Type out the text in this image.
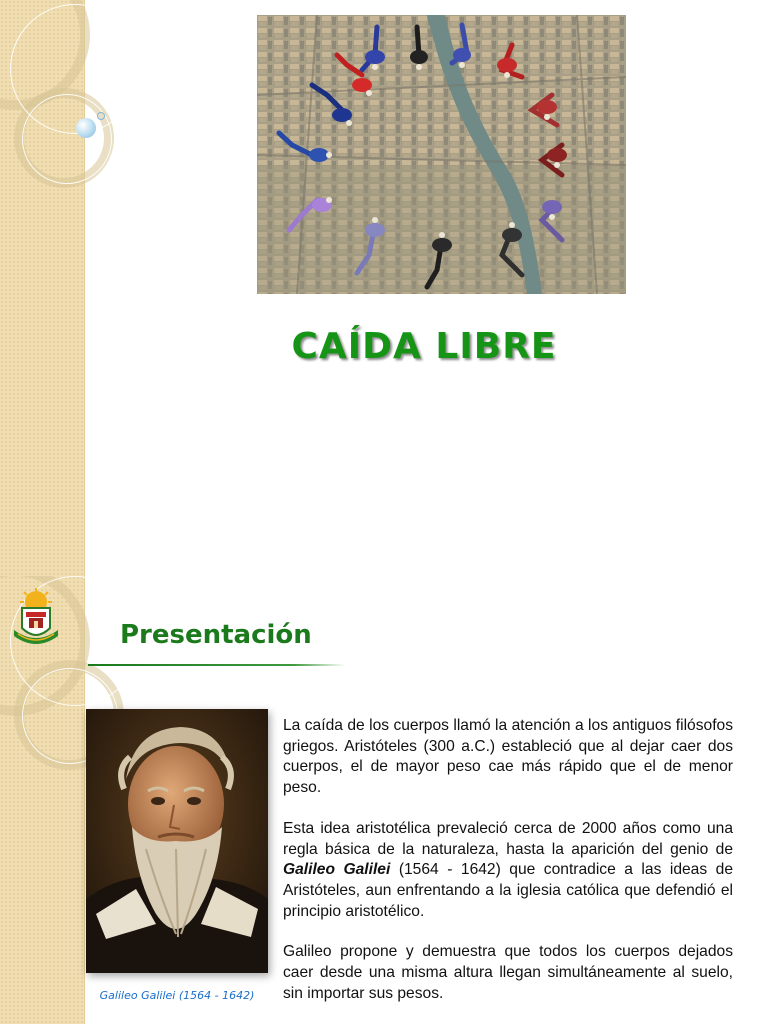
CAÍDA LIBRE
Presentación
Galileo Galilei (1564 - 1642)

La caída de los cuerpos llamó la atención a los antiguos filósofos griegos. Aristóteles (300 a.C.) estableció que al dejar caer dos cuerpos, el de mayor peso cae más rápido que el de menor peso.

Esta idea aristotélica prevaleció cerca de 2000 años como una regla básica de la naturaleza, hasta la aparición del genio de Galileo Galilei (1564 - 1642) que contradice a las ideas de Aristóteles, aun enfrentando a la iglesia católica que defendió el principio aristotélico.

Galileo propone y demuestra que todos los cuerpos dejados caer desde una misma altura llegan simultáneamente al suelo, sin importar sus pesos.
